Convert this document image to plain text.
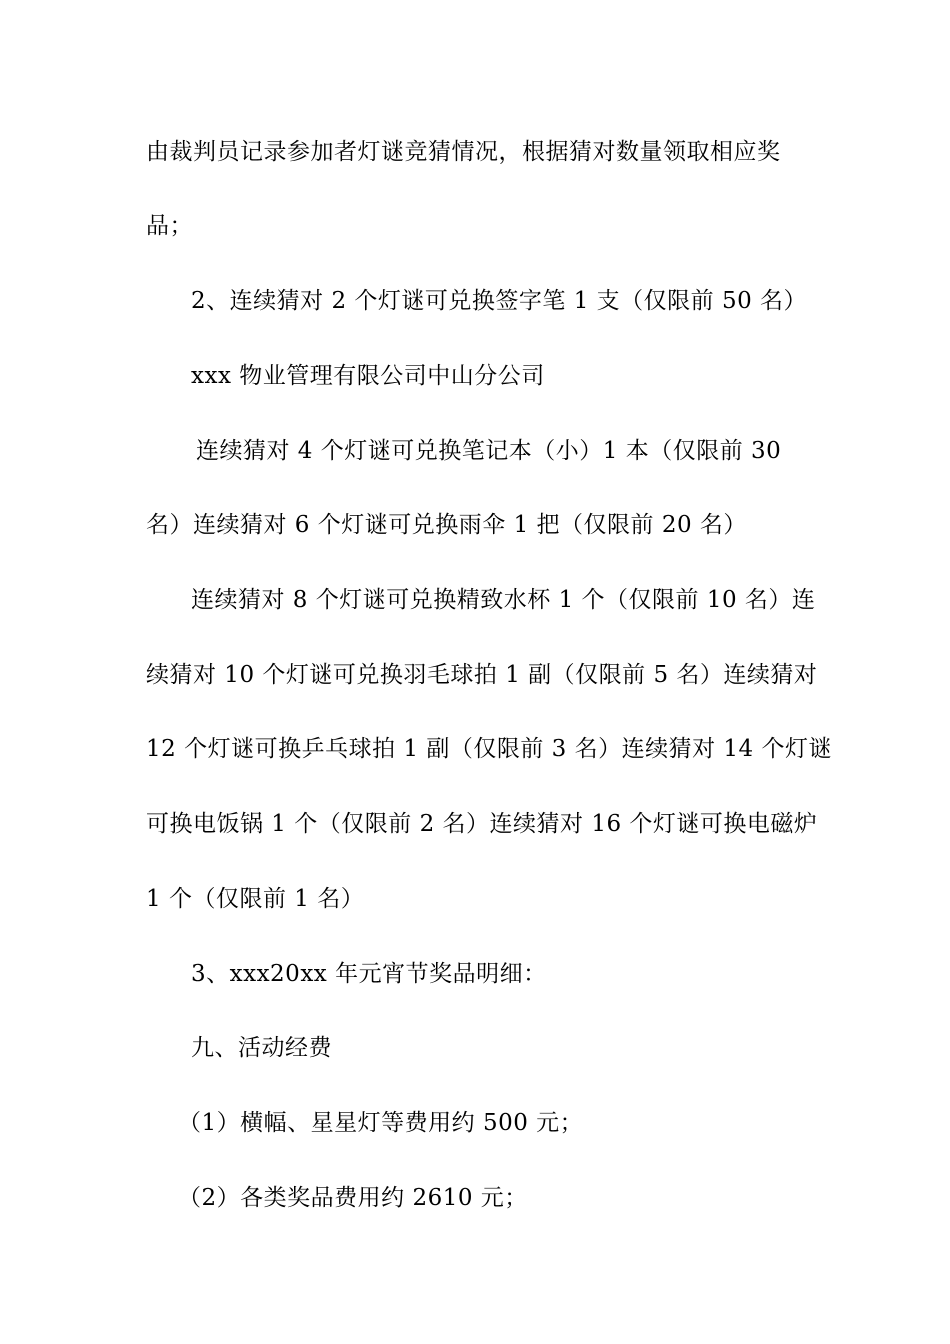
由裁判员记录参加者灯谜竞猜情况，根据猜对数量领取相应奖
品；
2、连续猜对 2 个灯谜可兑换签字笔 1 支（仅限前 50 名）
xxx 物业管理有限公司中山分公司
连续猜对 4 个灯谜可兑换笔记本（小）1 本（仅限前 30
名）连续猜对 6 个灯谜可兑换雨伞 1 把（仅限前 20 名）
连续猜对 8 个灯谜可兑换精致水杯 1 个（仅限前 10 名）连
续猜对 10 个灯谜可兑换羽毛球拍 1 副（仅限前 5 名）连续猜对
12 个灯谜可换乒乓球拍 1 副（仅限前 3 名）连续猜对 14 个灯谜
可换电饭锅 1 个（仅限前 2 名）连续猜对 16 个灯谜可换电磁炉
1 个（仅限前 1 名）
3、xxx20xx 年元宵节奖品明细：
九、活动经费
（1）横幅、星星灯等费用约 500 元；
（2）各类奖品费用约 2610 元；
